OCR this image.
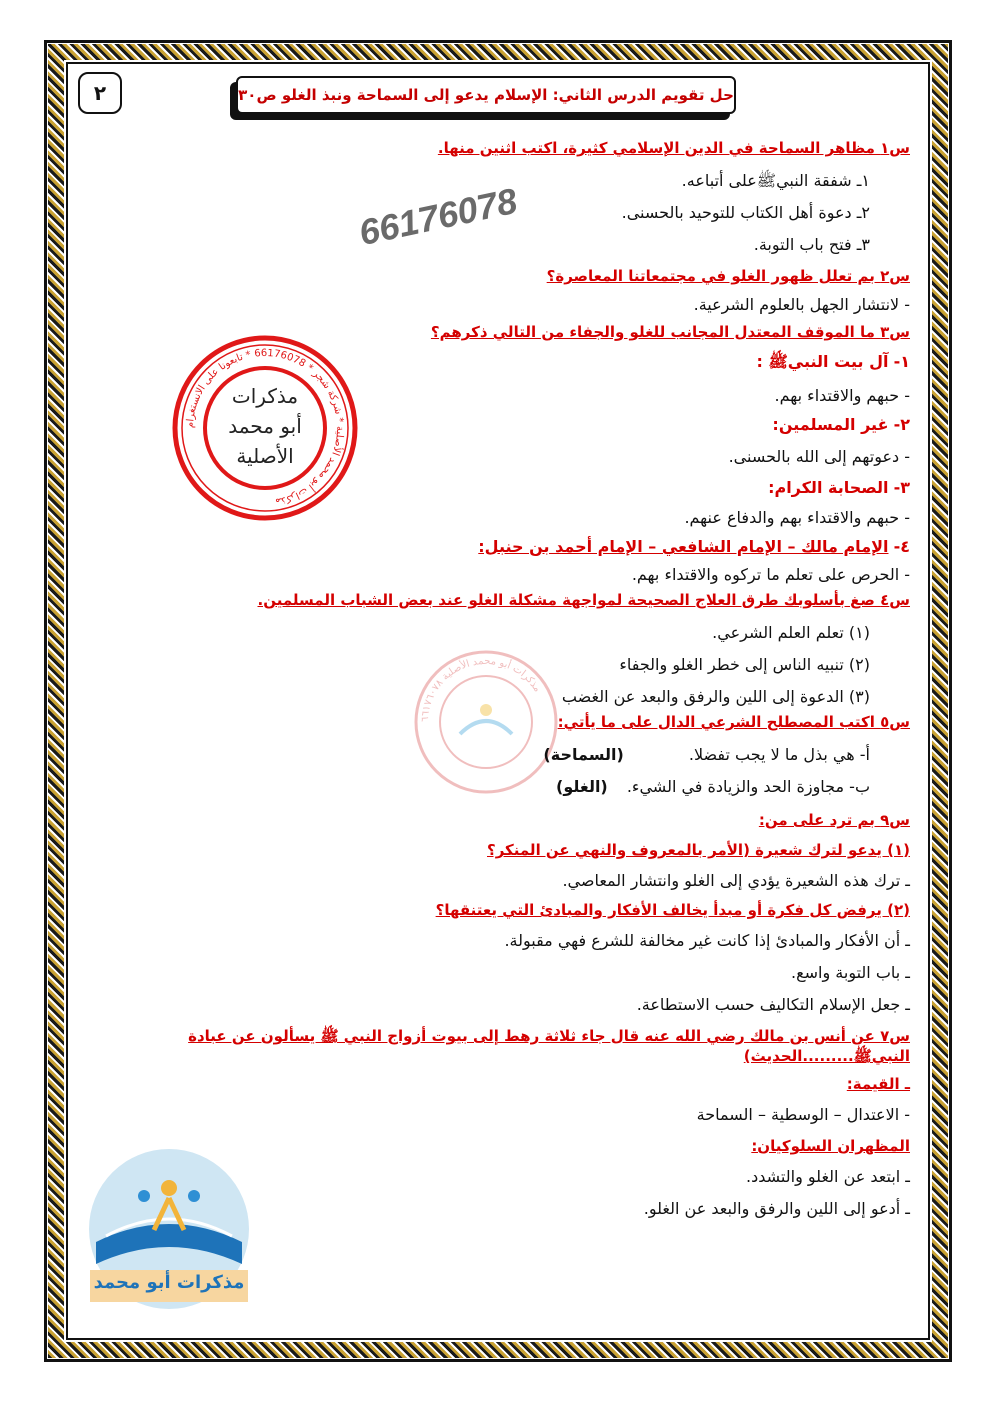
٢	حل تقويم الدرس الثاني: الإسلام يدعو إلى السماحة ونبذ الغلو ص٣٠
66176078
مذكرات أبو محمد الأصلية * شركة شجر * 66176078 * تابعونا على الانستغرام
مذكرات
أبو محمد
الأصلية
مذكرات أبو محمد الأصلية ٦٦١٧٦٠٧٨
مذكرات أبو محمد
س١ مظاهر السماحة في الدين الإسلامي كثيرة، اكتب اثنين منها.
١ـ شفقة النبيﷺعلى أتباعه.
٢ـ دعوة أهل الكتاب للتوحيد بالحسنى.
٣ـ فتح باب التوبة.
س٢ بم تعلل ظهور الغلو في مجتمعاتنا المعاصرة؟
- لانتشار الجهل بالعلوم الشرعية.
س٣ ما الموقف المعتدل المجانب للغلو والجفاء من التالي ذكرهم؟
١- آل بيت النبيﷺ :
- حبهم والاقتداء بهم.
٢- غير المسلمين:
- دعوتهم إلى الله بالحسنى.
٣- الصحابة الكرام:
- حبهم والاقتداء بهم والدفاع عنهم.
٤- الإمام مالك – الإمام الشافعي – الإمام أحمد بن حنبل:
- الحرص على تعلم ما تركوه والاقتداء بهم.
س٤ صغ بأسلوبك طرق العلاج الصحيحة لمواجهة مشكلة الغلو عند بعض الشباب المسلمين.
(١) تعلم العلم الشرعي.
(٢) تنبيه الناس إلى خطر الغلو والجفاء
(٣) الدعوة إلى اللين والرفق والبعد عن الغضب
س٥ اكتب المصطلح الشرعي الدال على ما يأتي:
أ- هي بذل ما لا يجب تفضلا. (السماحة)
ب- مجاوزة الحد والزيادة في الشيء. (الغلو)
س٩ بم ترد على من:
(١) يدعو لترك شعيرة (الأمر بالمعروف والنهي عن المنكر؟
ـ ترك هذه الشعيرة يؤدي إلى الغلو وانتشار المعاصي.
(٢) يرفض كل فكرة أو مبدأ يخالف الأفكار والمبادئ التي يعتنقها؟
ـ أن الأفكار والمبادئ إذا كانت غير مخالفة للشرع فهي مقبولة.
ـ باب التوبة واسع.
ـ جعل الإسلام التكاليف حسب الاستطاعة.
س٧ عن أنس بن مالك رضي الله عنه قال جاء ثلاثة رهط إلى بيوت أزواج النبي ﷺ يسألون عن عبادة النبيﷺ.........الحديث)
ـ القيمة:
- الاعتدال – الوسطية – السماحة
المظهران السلوكيان:
ـ ابتعد عن الغلو والتشدد.
ـ أدعو إلى اللين والرفق والبعد عن الغلو.
